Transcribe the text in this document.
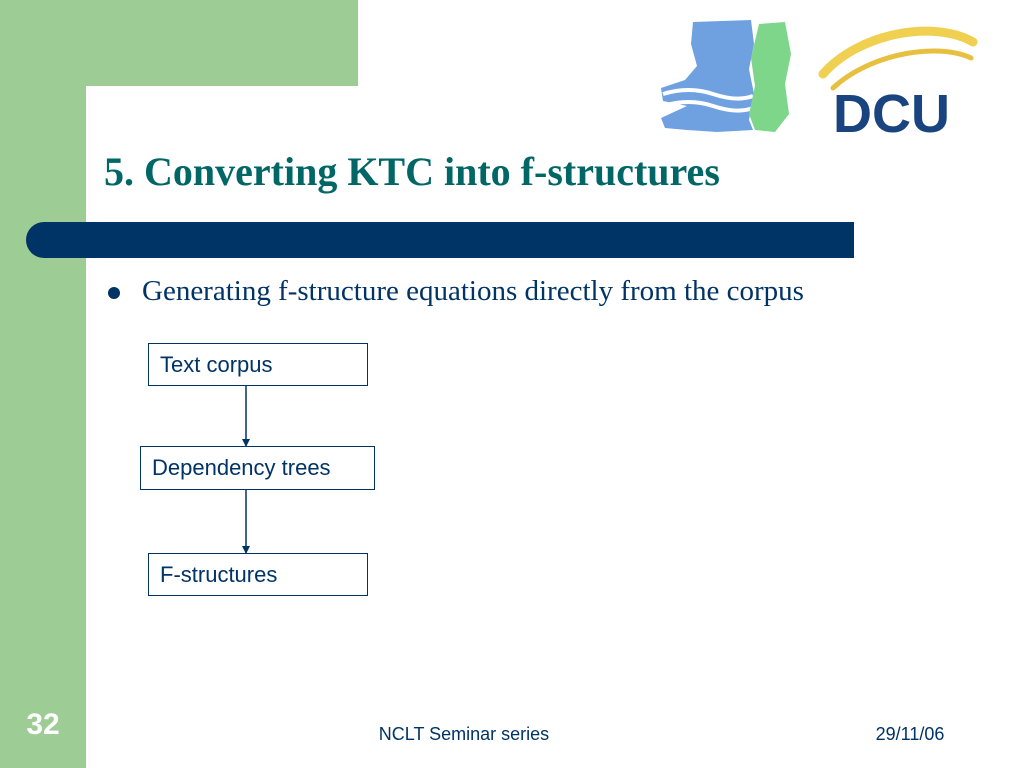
DCU
5. Converting KTC into f-structures
Generating f-structure equations directly from the corpus
Text corpus
Dependency trees
F-structures
32	NCLT Seminar series	29/11/06
